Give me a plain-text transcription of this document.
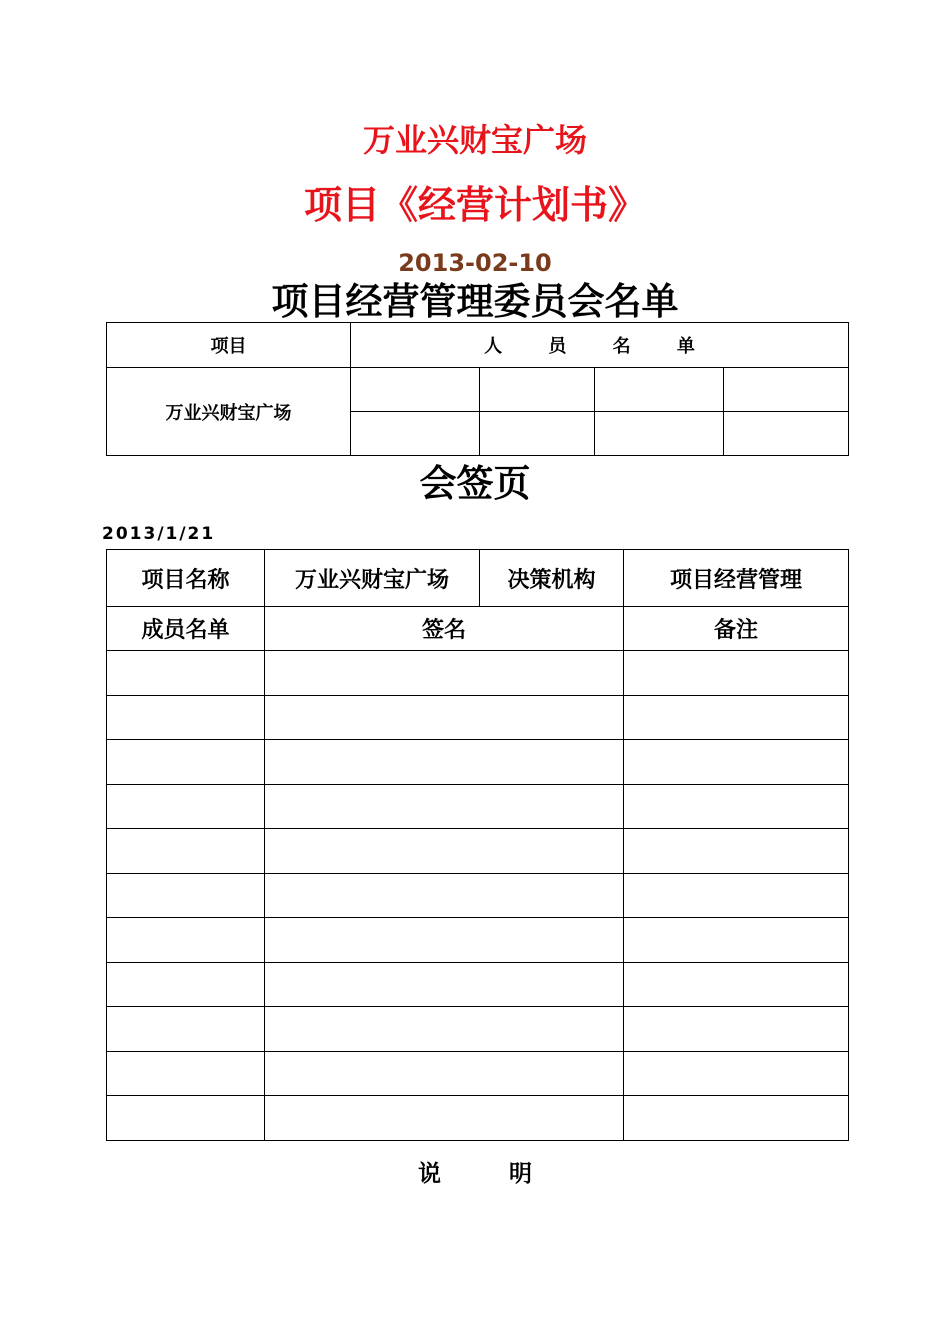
万业兴财宝广场
项目《经营计划书》
2013-02-10
项目经营管理委员会名单
项目	人 员 名 单			
万业兴财宝广场				

会签页
2013/1/21
项目名称	万业兴财宝广场	决策机构	项目经营管理
成员名单	签名		备注

说 明
